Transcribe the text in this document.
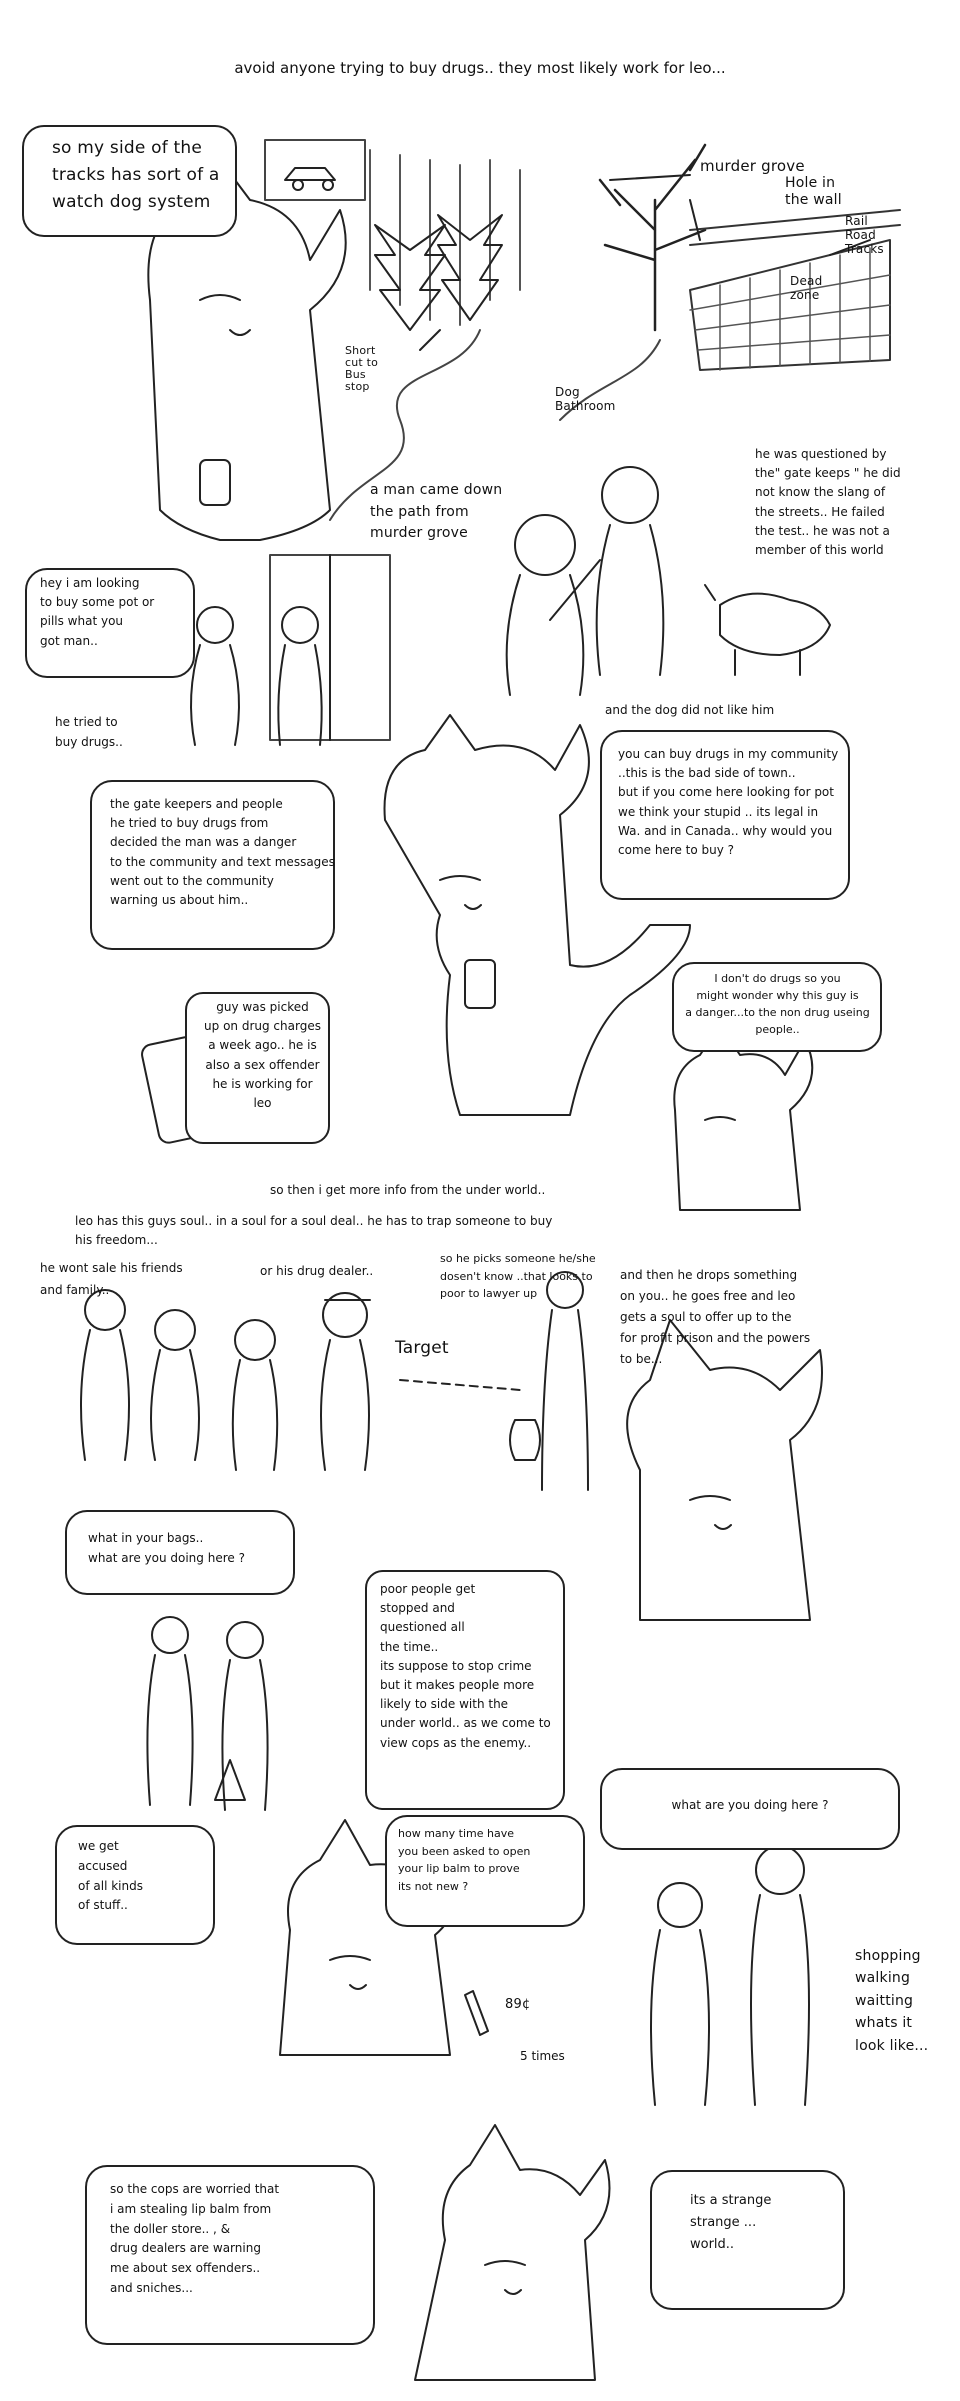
avoid anyone trying to buy drugs.. they most likely work for leo...
so my side of the
tracks has sort of a
watch dog system
murder grove
Hole in
the wall
Rail
Road
Tracks
Dead
zone
Short
cut to
Bus
stop	Dog
Bathroom
a man came down
the path from
murder grove
he was questioned by
the" gate keeps " he did
not know the slang of
the streets.. He failed
the test.. he was not a
member of this world
and the dog did not like him
hey i am looking
to buy some pot or
pills what you
got man..
he tried to
buy drugs..
the gate keepers and people
he tried to buy drugs from
decided the man was a danger
to the community and text messages
went out to the community
warning us about him..
you can buy drugs in my community
..this is the bad side of town..
but if you come here looking for pot
we think your stupid .. its legal in
Wa. and in Canada.. why would you
come here to buy ?
guy was picked
up on drug charges
a week ago.. he is
also a sex offender
he is working for
leo
I don't do drugs so you
might wonder why this guy is
a danger...to the non drug useing
people..
so then i get more info from the under world..
leo has this guys soul.. in a soul for a soul deal.. he has to trap someone to buy
his freedom...
he wont sale his friends
and family..
or his drug dealer..
so he picks someone he/she
dosen't know ..that looks to
poor to lawyer up
Target
and then he drops something
on you.. he goes free and leo
gets a soul to offer up to the
for profit prison and the powers
to be...
what in your bags..
what are you doing here ?
poor people get
stopped and
questioned all
the time..
its suppose to stop crime
but it makes people more
likely to side with the
under world.. as we come to
view cops as the enemy..
what are you doing here ?
shopping
walking
waitting
whats it
look like...
we get
accused
of all kinds
of stuff..
how many time have
you been asked to open
your lip balm to prove
its not new ?
89¢
5 times
so the cops are worried that
i am stealing lip balm from
the doller store.. , &
drug dealers are warning
me about sex offenders..
and sniches...
its a strange
strange ...
world..
